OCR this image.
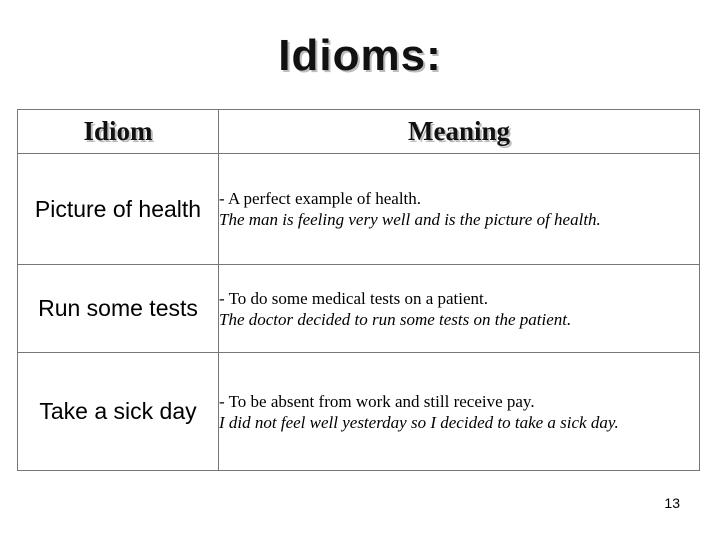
Idioms:
Idiom	Meaning
Picture of health	- A perfect example of health.
The man is feeling very well and is the picture of health.

Run some tests	- To do some medical tests on a patient.
The doctor decided to run some tests on the patient.

Take a sick day	- To be absent from work and still receive pay.
I did not feel well yesterday so I decided to take a sick day.
13
